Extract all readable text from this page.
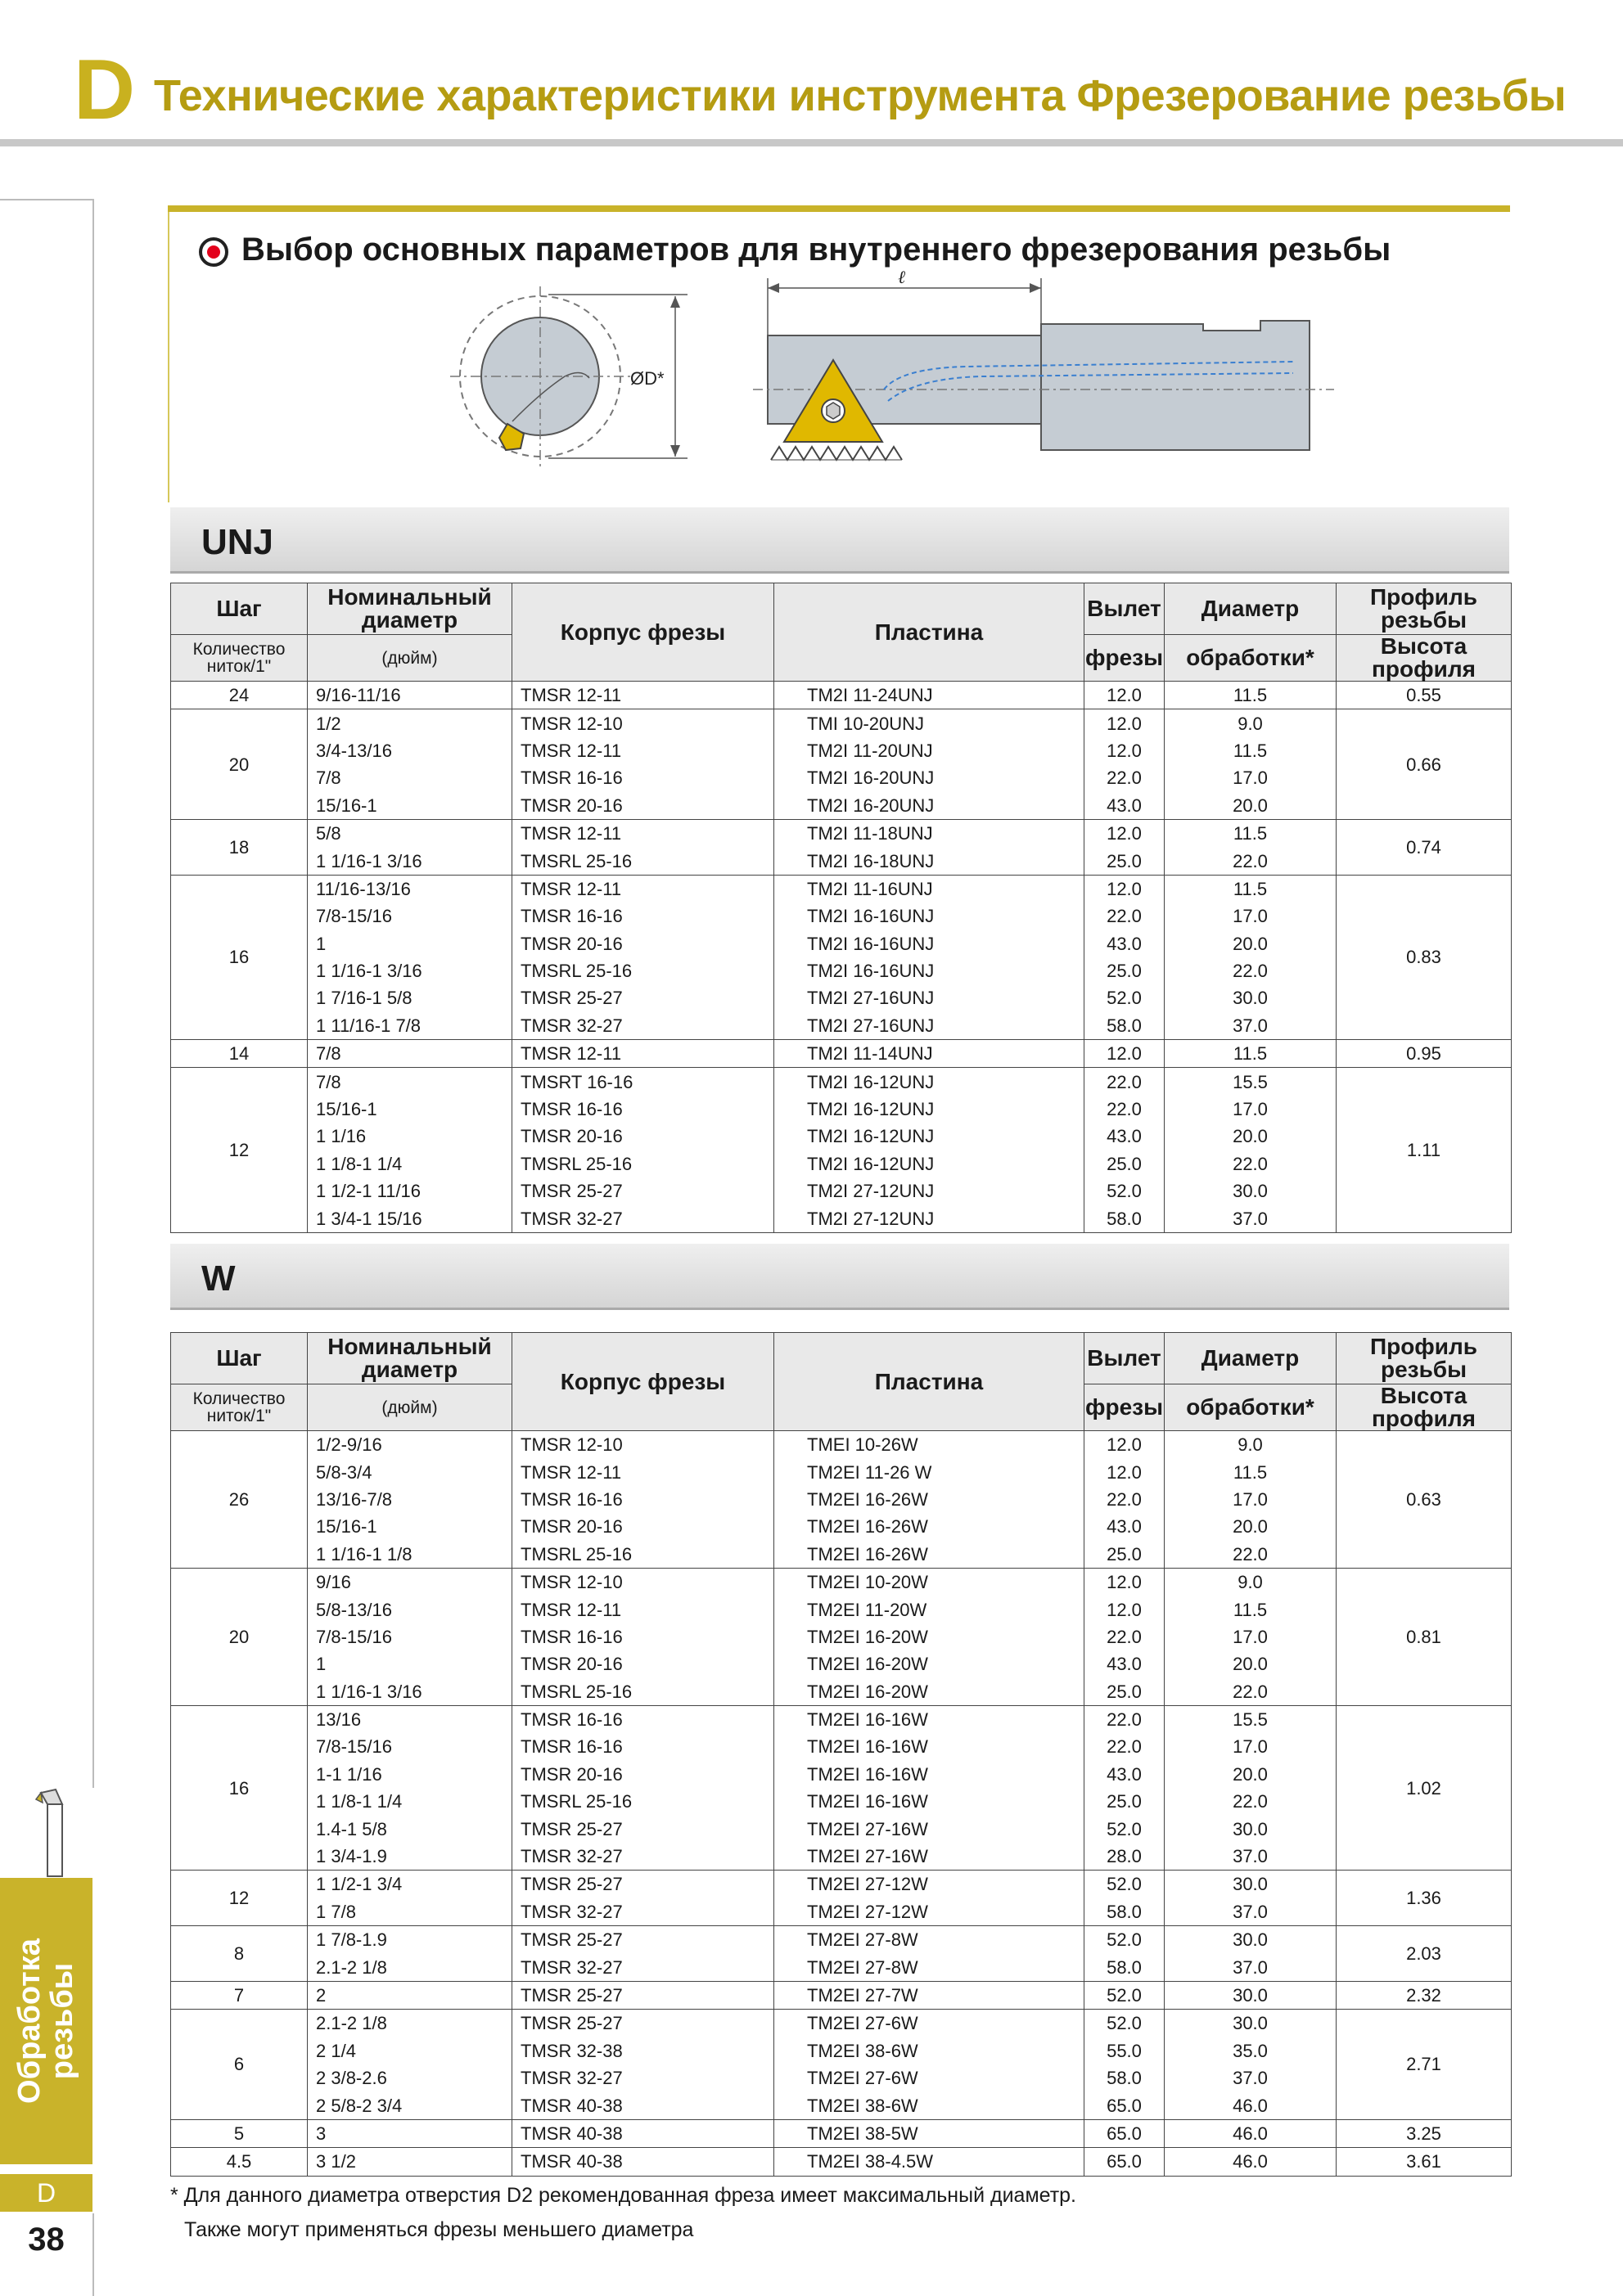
D Технические характеристики инструмента Фрезерование резьбы
Обработка
резьбы
D
38
Выбор основных параметров для внутреннего фрезерования резьбы
ØD*
ℓ
UNJ
Шаг	Номинальный диаметр	Корпус фрезы	Пластина	Вылет	Диаметр	Профиль резьбы
Количество ниток/1"	(дюйм)			фрезы	обработки*	Высота профиля
24	9/16-11/16	TMSR 12-11	TM2I 11-24UNJ	12.0	11.5	0.55
20	1/2	TMSR 12-10	TMI 10-20UNJ	12.0	9.0	0.66
	3/4-13/16	TMSR 12-11	TM2I 11-20UNJ	12.0	11.5	
	7/8	TMSR 16-16	TM2I 16-20UNJ	22.0	17.0	
	15/16-1	TMSR 20-16	TM2I 16-20UNJ	43.0	20.0	
18	5/8	TMSR 12-11	TM2I 11-18UNJ	12.0	11.5	0.74
	1 1/16-1 3/16	TMSRL 25-16	TM2I 16-18UNJ	25.0	22.0	
16	11/16-13/16	TMSR 12-11	TM2I 11-16UNJ	12.0	11.5	0.83
	7/8-15/16	TMSR 16-16	TM2I 16-16UNJ	22.0	17.0	
	1	TMSR 20-16	TM2I 16-16UNJ	43.0	20.0	
	1 1/16-1 3/16	TMSRL 25-16	TM2I 16-16UNJ	25.0	22.0	
	1 7/16-1 5/8	TMSR 25-27	TM2I 27-16UNJ	52.0	30.0	
	1 11/16-1 7/8	TMSR 32-27	TM2I 27-16UNJ	58.0	37.0	
14	7/8	TMSR 12-11	TM2I 11-14UNJ	12.0	11.5	0.95
12	7/8	TMSRT 16-16	TM2I 16-12UNJ	22.0	15.5	1.11
	15/16-1	TMSR 16-16	TM2I 16-12UNJ	22.0	17.0	
	1 1/16	TMSR 20-16	TM2I 16-12UNJ	43.0	20.0	
	1 1/8-1 1/4	TMSRL 25-16	TM2I 16-12UNJ	25.0	22.0	
	1 1/2-1 11/16	TMSR 25-27	TM2I 27-12UNJ	52.0	30.0	
	1 3/4-1 15/16	TMSR 32-27	TM2I 27-12UNJ	58.0	37.0	
W
Шаг	Номинальный диаметр	Корпус фрезы	Пластина	Вылет	Диаметр	Профиль резьбы
Количество ниток/1"	(дюйм)			фрезы	обработки*	Высота профиля
26	1/2-9/16	TMSR 12-10	TMEI 10-26W	12.0	9.0	0.63
	5/8-3/4	TMSR 12-11	TM2EI 11-26 W	12.0	11.5	
	13/16-7/8	TMSR 16-16	TM2EI 16-26W	22.0	17.0	
	15/16-1	TMSR 20-16	TM2EI 16-26W	43.0	20.0	
	1 1/16-1 1/8	TMSRL 25-16	TM2EI 16-26W	25.0	22.0	
20	9/16	TMSR 12-10	TM2EI 10-20W	12.0	9.0	0.81
	5/8-13/16	TMSR 12-11	TM2EI 11-20W	12.0	11.5	
	7/8-15/16	TMSR 16-16	TM2EI 16-20W	22.0	17.0	
	1	TMSR 20-16	TM2EI 16-20W	43.0	20.0	
	1 1/16-1 3/16	TMSRL 25-16	TM2EI 16-20W	25.0	22.0	
16	13/16	TMSR 16-16	TM2EI 16-16W	22.0	15.5	1.02
	7/8-15/16	TMSR 16-16	TM2EI 16-16W	22.0	17.0	
	1-1 1/16	TMSR 20-16	TM2EI 16-16W	43.0	20.0	
	1 1/8-1 1/4	TMSRL 25-16	TM2EI 16-16W	25.0	22.0	
	1.4-1 5/8	TMSR 25-27	TM2EI 27-16W	52.0	30.0	
	1 3/4-1.9	TMSR 32-27	TM2EI 27-16W	28.0	37.0	
12	1 1/2-1 3/4	TMSR 25-27	TM2EI 27-12W	52.0	30.0	1.36
	1 7/8	TMSR 32-27	TM2EI 27-12W	58.0	37.0	
8	1 7/8-1.9	TMSR 25-27	TM2EI 27-8W	52.0	30.0	2.03
	2.1-2 1/8	TMSR 32-27	TM2EI 27-8W	58.0	37.0	
7	2	TMSR 25-27	TM2EI 27-7W	52.0	30.0	2.32
6	2.1-2 1/8	TMSR 25-27	TM2EI 27-6W	52.0	30.0	2.71
	2 1/4	TMSR 32-38	TM2EI 38-6W	55.0	35.0	
	2 3/8-2.6	TMSR 32-27	TM2EI 27-6W	58.0	37.0	
	2 5/8-2 3/4	TMSR 40-38	TM2EI 38-6W	65.0	46.0	
5	3	TMSR 40-38	TM2EI 38-5W	65.0	46.0	3.25
4.5	3 1/2	TMSR 40-38	TM2EI 38-4.5W	65.0	46.0	3.61
* Для данного диаметра отверстия D2 рекомендованная фреза имеет максимальный диаметр.
Также могут применяться фрезы меньшего диаметра
